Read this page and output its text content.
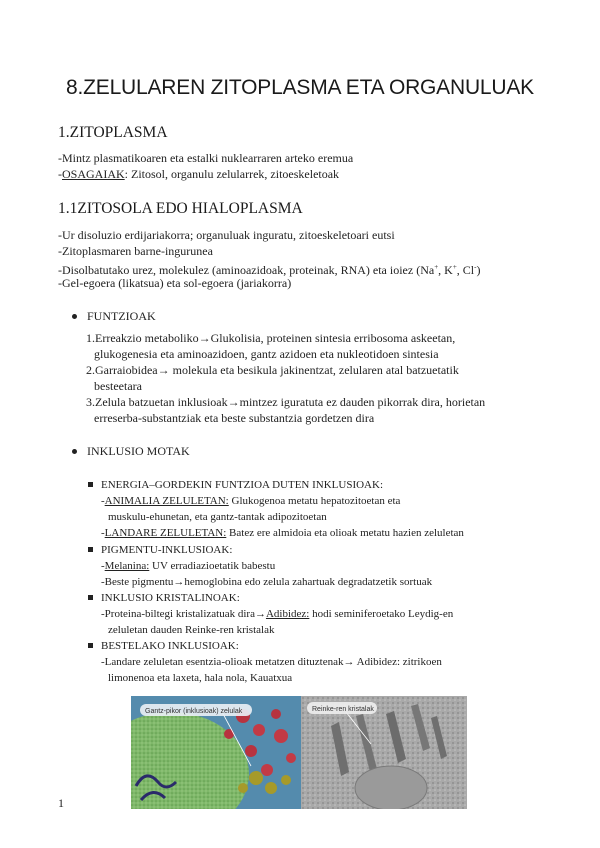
8.ZELULAREN ZITOPLASMA ETA ORGANULUAK
1.ZITOPLASMA

-Mintz plasmatikoaren eta estalki nuklearraren arteko eremua

-OSAGAIAK: Zitosol, organulu zelularrek, zitoeskeletoak

1.1ZITOSOLA EDO HIALOPLASMA

-Ur disoluzio erdijariakorra; organuluak inguratu, zitoeskeletoari eutsi

-Zitoplasmaren barne-ingurunea

-Disolbatutako urez, molekulez (aminoazidoak, proteinak, RNA) eta ioiez (Na+, K+, Cl-)

-Gel-egoera (likatsua) eta sol-egoera (jariakorra)

FUNTZIOAK
1.Erreakzio metaboliko→Glukolisia, proteinen sintesia erribosoma askeetan,
glukogenesia eta aminoazidoen, gantz azidoen eta nukleotidoen sintesia
2.Garraiobidea→ molekula eta besikula jakinentzat, zelularen atal batzuetatik
besteetara
3.Zelula batzuetan inklusioak→mintzez iguratuta ez dauden pikorrak dira, horietan
erreserba-substantziak eta beste substantzia gordetzen dira
INKLUSIO MOTAK
ENERGIA–GORDEKIN FUNTZIOA DUTEN INKLUSIOAK:
-ANIMALIA ZELULETAN: Glukogenoa metatu hepatozitoetan eta
muskulu-ehunetan, eta gantz-tantak adipozitoetan
-LANDARE ZELULETAN: Batez ere almidoia eta olioak metatu hazien zeluletan
PIGMENTU-INKLUSIOAK:
-Melanina: UV erradiazioetatik babestu
-Beste pigmentu→hemoglobina edo zelula zahartuak degradatzetik sortuak
INKLUSIO KRISTALINOAK:
-Proteina-biltegi kristalizatuak dira→Adibidez: hodi seminiferoetako Leydig-en
zeluletan dauden Reinke-ren kristalak
BESTELAKO INKLUSIOAK:
-Landare zeluletan esentzia-olioak metatzen dituztenak→ Adibidez: zitrikoen
limonenoa eta laxeta, hala nola, Kauatxua
Gantz-pikor (inklusioak) zelulak	Reinke-ren kristalak
1
